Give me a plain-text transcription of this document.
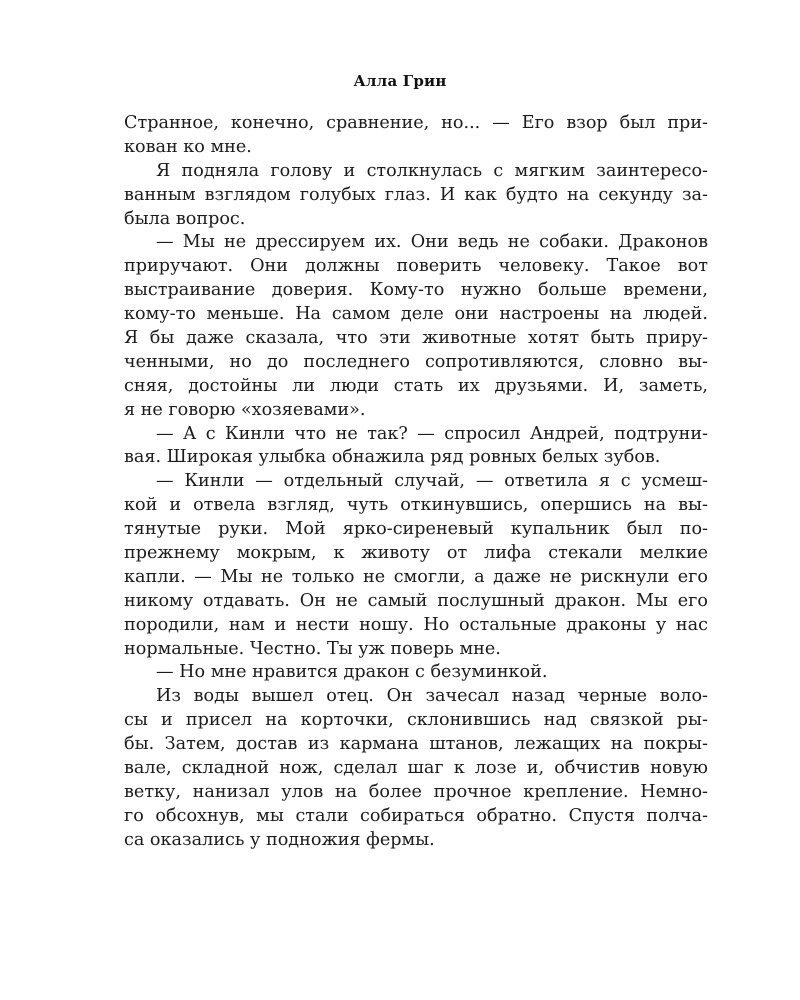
Алла Грин
Странное, конечно, сравнение, но... — Его взор был при-
кован ко мне.
Я подняла голову и столкнулась с мягким заинтересо-
ванным взглядом голубых глаз. И как будто на секунду за-
была вопрос.
— Мы не дрессируем их. Они ведь не собаки. Драконов
приручают. Они должны поверить человеку. Такое вот
выстраивание доверия. Кому-то нужно больше времени,
кому-то меньше. На самом деле они настроены на людей.
Я бы даже сказала, что эти животные хотят быть прирy-
ченными, но до последнего сопротивляются, словно вы-
сняя, достойны ли люди стать их друзьями. И, заметь,
я не говорю «хозяевами».
— А с Кинли что не так? — спросил Андрей, подтруни-
вая. Широкая улыбка обнажила ряд ровных белых зубов.
— Кинли — отдельный случай, — ответила я с усмеш-
кой и отвела взгляд, чуть откинувшись, опершись на вы-
тянутые руки. Мой ярко-сиреневый купальник был по-
прежнему мокрым, к животу от лифа стекали мелкие
капли. — Мы не только не смогли, а даже не рискнули его
никому отдавать. Он не самый послушный дракон. Мы его
породили, нам и нести ношу. Но остальные драконы у нас
нормальные. Честно. Ты уж поверь мне.
— Но мне нравится дракон с безуминкой.
Из воды вышел отец. Он зачесал назад черные воло-
сы и присел на корточки, склонившись над связкой ры-
бы. Затем, достав из кармана штанов, лежащих на покры-
вале, складной нож, сделал шаг к лозе и, обчистив новую
ветку, нанизал улов на более прочное крепление. Немно-
го обсохнув, мы стали собираться обратно. Спустя полча-
са оказались у подножия фермы.
